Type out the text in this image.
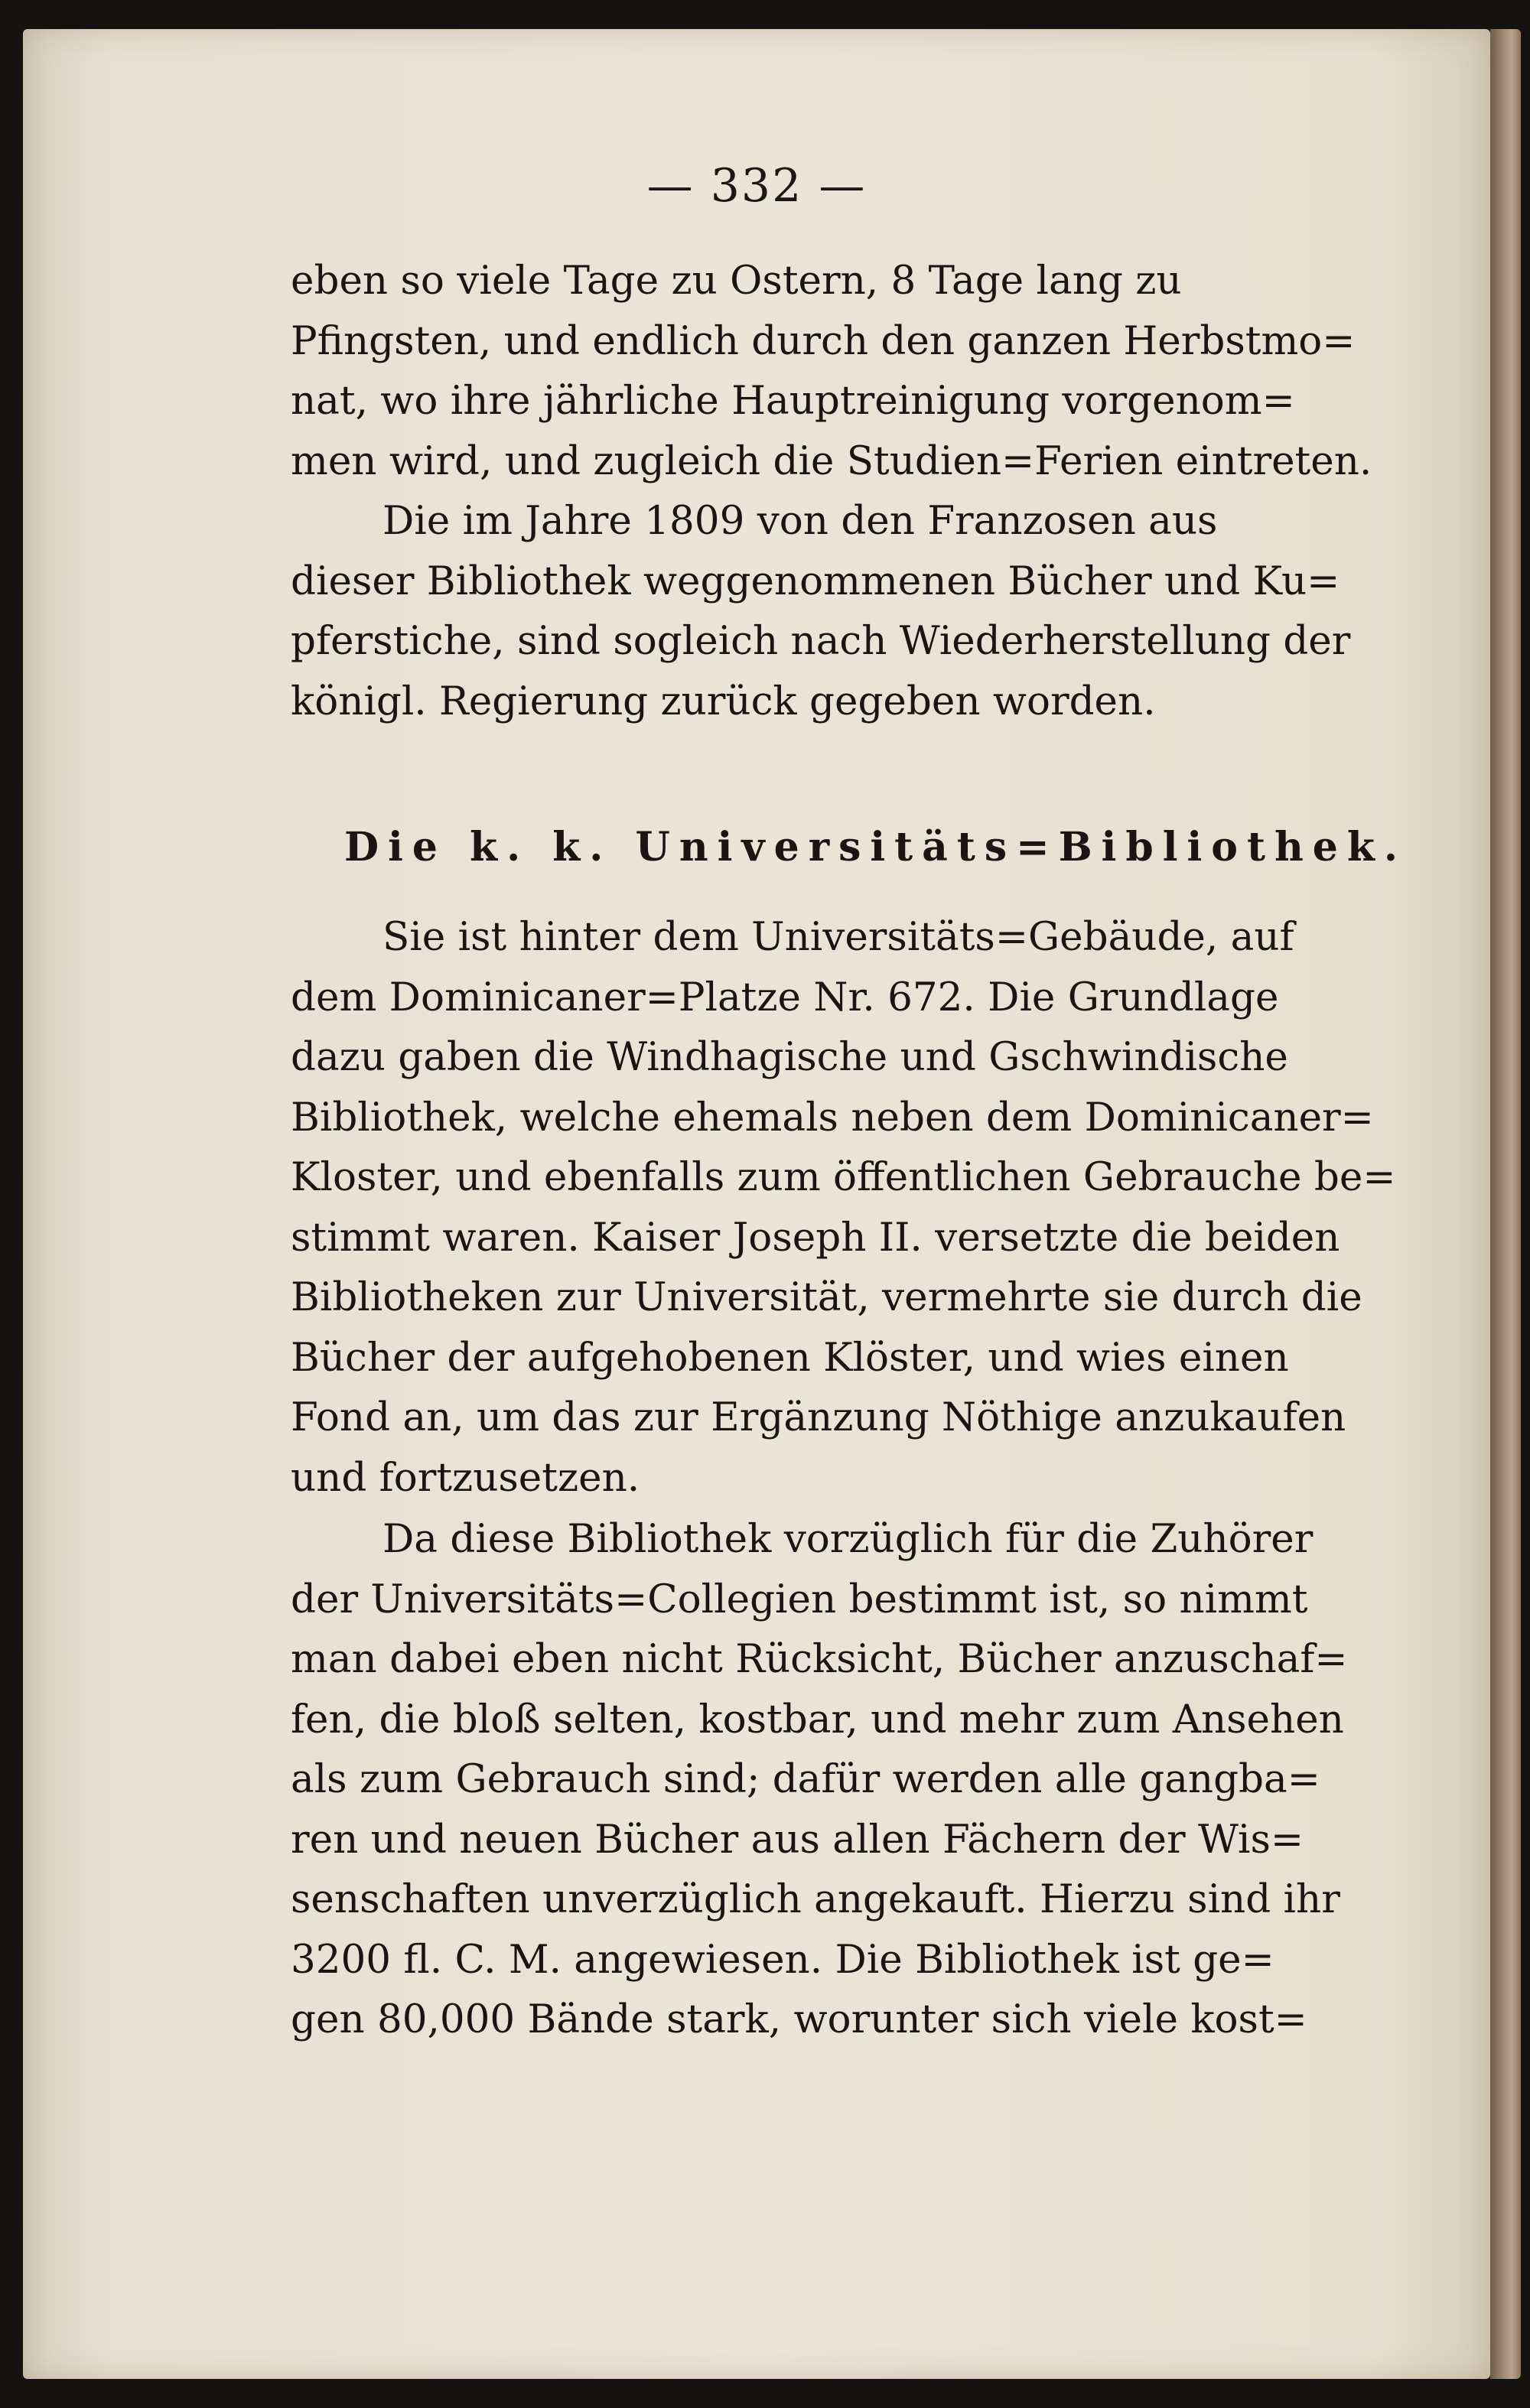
— 332 —
eben so viele Tage zu Ostern, 8 Tage lang zu
Pfingsten, und endlich durch den ganzen Herbstmo=
nat, wo ihre jährliche Hauptreinigung vorgenom=
men wird, und zugleich die Studien=Ferien eintreten.
Die im Jahre 1809 von den Franzosen aus
dieser Bibliothek weggenommenen Bücher und Ku=
pferstiche, sind sogleich nach Wiederherstellung der
königl. Regierung zurück gegeben worden.
Die k. k. Universitäts=Bibliothek.
Sie ist hinter dem Universitäts=Gebäude, auf
dem Dominicaner=Platze Nr. 672. Die Grundlage
dazu gaben die Windhagische und Gschwindische
Bibliothek, welche ehemals neben dem Dominicaner=
Kloster, und ebenfalls zum öffentlichen Gebrauche be=
stimmt waren. Kaiser Joseph II. versetzte die beiden
Bibliotheken zur Universität, vermehrte sie durch die
Bücher der aufgehobenen Klöster, und wies einen
Fond an, um das zur Ergänzung Nöthige anzukaufen
und fortzusetzen.
Da diese Bibliothek vorzüglich für die Zuhörer
der Universitäts=Collegien bestimmt ist, so nimmt
man dabei eben nicht Rücksicht, Bücher anzuschaf=
fen, die bloß selten, kostbar, und mehr zum Ansehen
als zum Gebrauch sind; dafür werden alle gangba=
ren und neuen Bücher aus allen Fächern der Wis=
senschaften unverzüglich angekauft. Hierzu sind ihr
3200 fl. C. M. angewiesen. Die Bibliothek ist ge=
gen 80,000 Bände stark, worunter sich viele kost=
